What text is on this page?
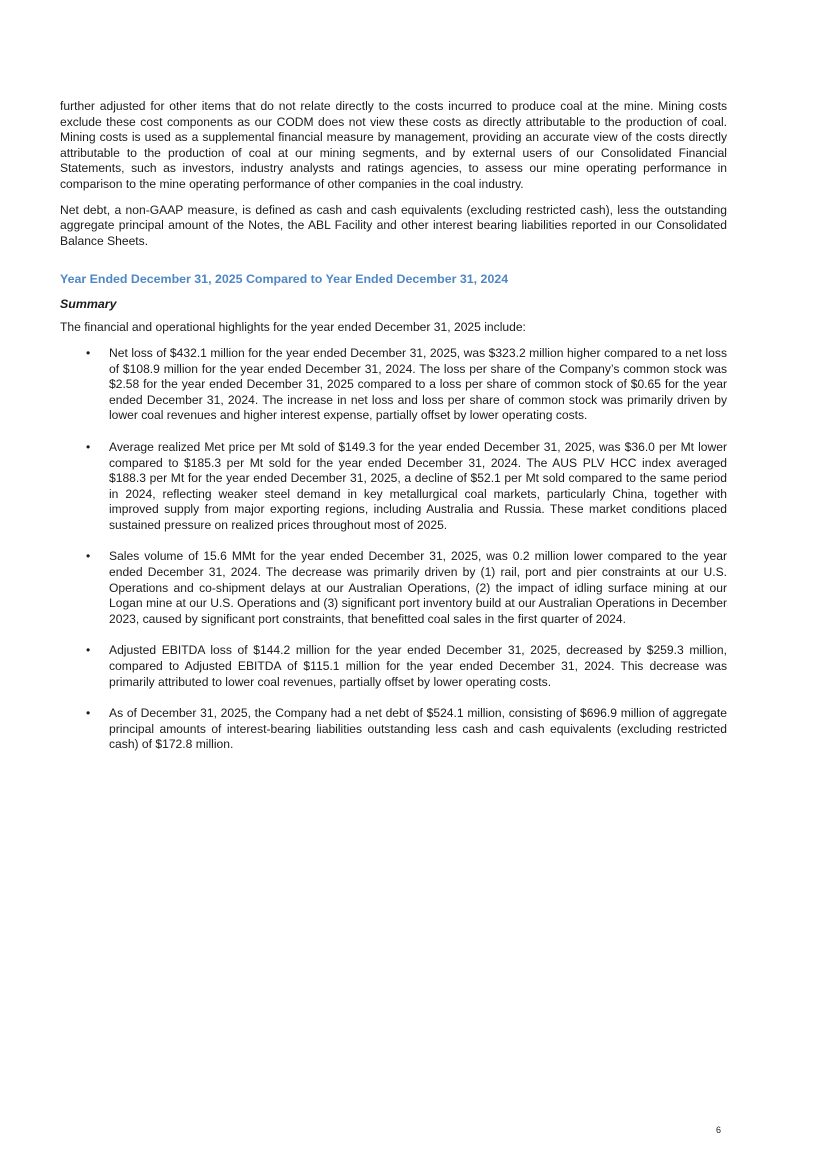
further adjusted for other items that do not relate directly to the costs incurred to produce coal at the mine. Mining costs exclude these cost components as our CODM does not view these costs as directly attributable to the production of coal. Mining costs is used as a supplemental financial measure by management, providing an accurate view of the costs directly attributable to the production of coal at our mining segments, and by external users of our Consolidated Financial Statements, such as investors, industry analysts and ratings agencies, to assess our mine operating performance in comparison to the mine operating performance of other companies in the coal industry.

Net debt, a non-GAAP measure, is defined as cash and cash equivalents (excluding restricted cash), less the outstanding aggregate principal amount of the Notes, the ABL Facility and other interest bearing liabilities reported in our Consolidated Balance Sheets.

Year Ended December 31, 2025 Compared to Year Ended December 31, 2024
Summary

The financial and operational highlights for the year ended December 31, 2025 include:

• Net loss of $432.1 million for the year ended December 31, 2025, was $323.2 million higher compared to a net loss of $108.9 million for the year ended December 31, 2024. The loss per share of the Company’s common stock was $2.58 for the year ended December 31, 2025 compared to a loss per share of common stock of $0.65 for the year ended December 31, 2024. The increase in net loss and loss per share of common stock was primarily driven by lower coal revenues and higher interest expense, partially offset by lower operating costs.

• Average realized Met price per Mt sold of $149.3 for the year ended December 31, 2025, was $36.0 per Mt lower compared to $185.3 per Mt sold for the year ended December 31, 2024. The AUS PLV HCC index averaged $188.3 per Mt for the year ended December 31, 2025, a decline of $52.1 per Mt sold compared to the same period in 2024, reflecting weaker steel demand in key metallurgical coal markets, particularly China, together with improved supply from major exporting regions, including Australia and Russia. These market conditions placed sustained pressure on realized prices throughout most of 2025.

• Sales volume of 15.6 MMt for the year ended December 31, 2025, was 0.2 million lower compared to the year ended December 31, 2024. The decrease was primarily driven by (1) rail, port and pier constraints at our U.S. Operations and co-shipment delays at our Australian Operations, (2) the impact of idling surface mining at our Logan mine at our U.S. Operations and (3) significant port inventory build at our Australian Operations in December 2023, caused by significant port constraints, that benefitted coal sales in the first quarter of 2024.

• Adjusted EBITDA loss of $144.2 million for the year ended December 31, 2025, decreased by $259.3 million, compared to Adjusted EBITDA of $115.1 million for the year ended December 31, 2024. This decrease was primarily attributed to lower coal revenues, partially offset by lower operating costs.

• As of December 31, 2025, the Company had a net debt of $524.1 million, consisting of $696.9 million of aggregate principal amounts of interest-bearing liabilities outstanding less cash and cash equivalents (excluding restricted cash) of $172.8 million.

6
